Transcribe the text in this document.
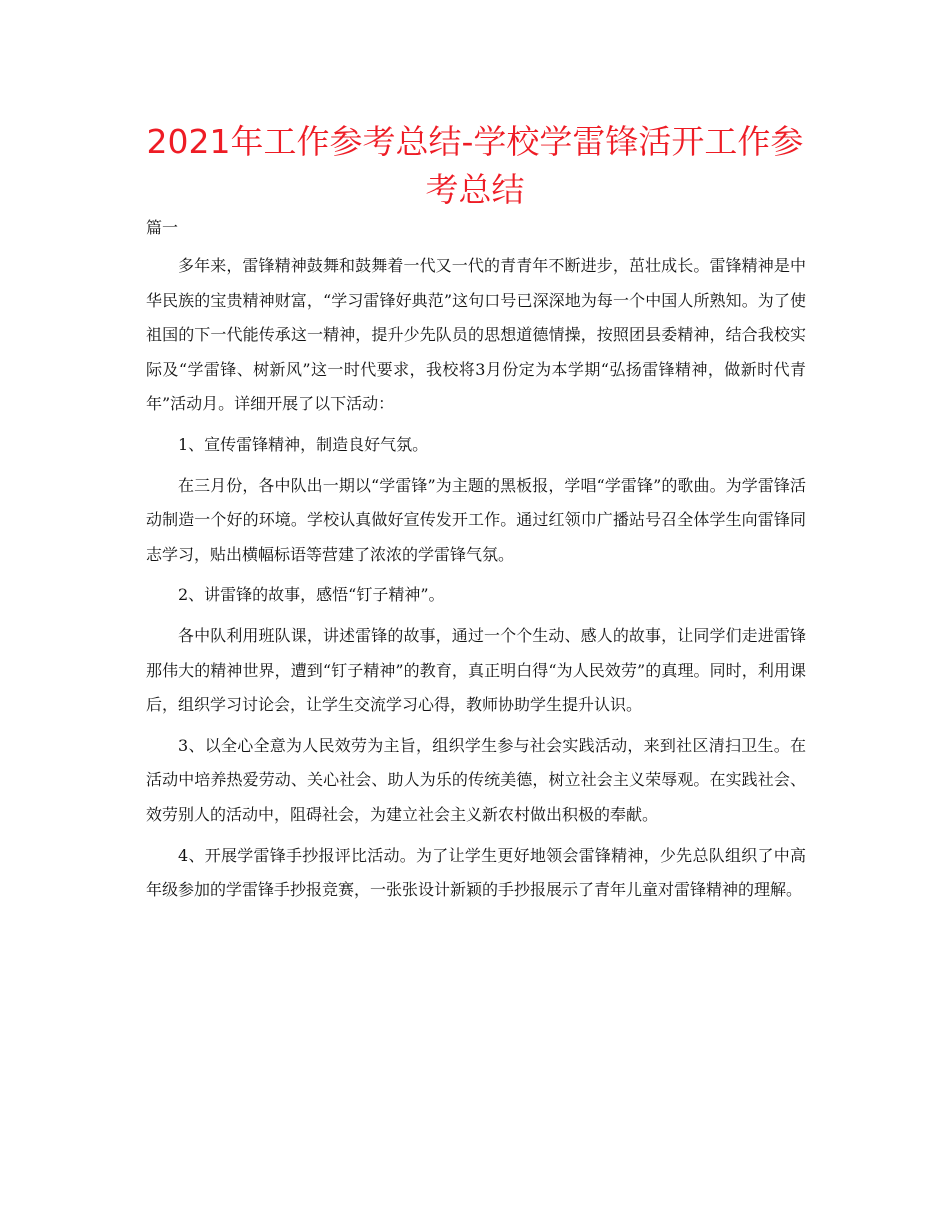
2021年工作参考总结-学校学雷锋活开工作参考总结
篇一

多年来，雷锋精神鼓舞和鼓舞着一代又一代的青青年不断进步，茁壮成长。雷锋精神是中华民族的宝贵精神财富，“学习雷锋好典范”这句口号已深深地为每一个中国人所熟知。为了使祖国的下一代能传承这一精神，提升少先队员的思想道德情操，按照团县委精神，结合我校实际及“学雷锋、树新风”这一时代要求，我校将3月份定为本学期“弘扬雷锋精神，做新时代青年”活动月。详细开展了以下活动：

1、宣传雷锋精神，制造良好气氛。

在三月份，各中队出一期以“学雷锋”为主题的黑板报，学唱“学雷锋”的歌曲。为学雷锋活动制造一个好的环境。学校认真做好宣传发开工作。通过红领巾广播站号召全体学生向雷锋同志学习，贴出横幅标语等营建了浓浓的学雷锋气氛。

2、讲雷锋的故事，感悟“钉子精神”。

各中队利用班队课，讲述雷锋的故事，通过一个个生动、感人的故事，让同学们走进雷锋那伟大的精神世界，遭到“钉子精神”的教育，真正明白得“为人民效劳”的真理。同时，利用课后，组织学习讨论会，让学生交流学习心得，教师协助学生提升认识。

3、以全心全意为人民效劳为主旨，组织学生参与社会实践活动，来到社区清扫卫生。在活动中培养热爱劳动、关心社会、助人为乐的传统美德，树立社会主义荣辱观。在实践社会、效劳别人的活动中，阻碍社会，为建立社会主义新农村做出积极的奉献。

4、开展学雷锋手抄报评比活动。为了让学生更好地领会雷锋精神，少先总队组织了中高年级参加的学雷锋手抄报竞赛，一张张设计新颖的手抄报展示了青年儿童对雷锋精神的理解。
